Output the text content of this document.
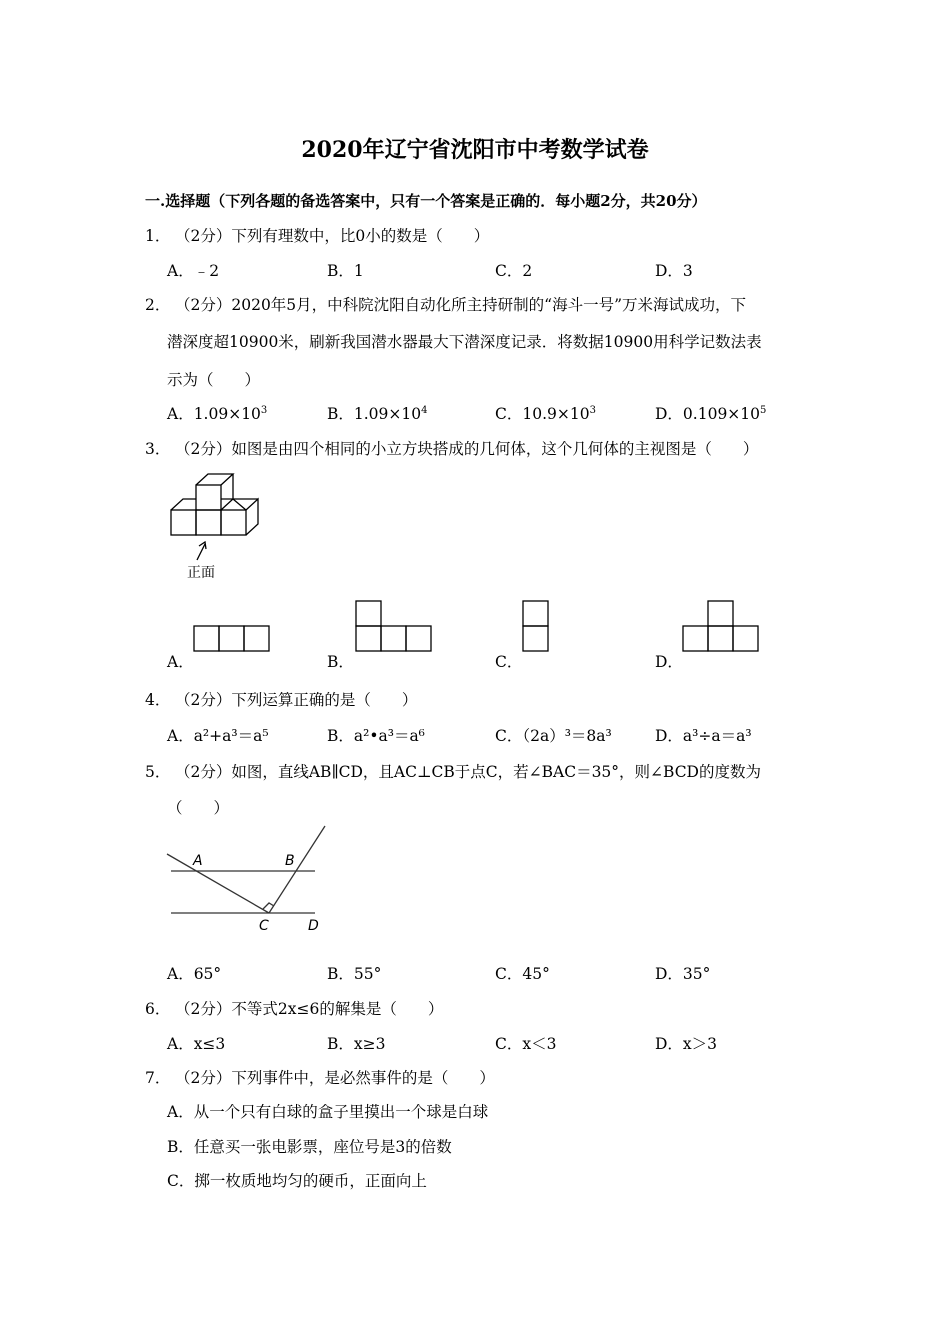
2020年辽宁省沈阳市中考数学试卷
一.选择题（下列各题的备选答案中，只有一个答案是正确的．每小题2分，共20分）
1． （2分）下列有理数中，比0小的数是（　　）
A．﹣2	B．1	C．2	D．3
2． （2分）2020年5月，中科院沈阳自动化所主持研制的“海斗一号”万米海试成功，下
潜深度超10900米，刷新我国潜水器最大下潜深度记录．将数据10900用科学记数法表
示为（　　）
A．$1.09\times 10^3$	B．$1.09\times 10^4$	C．$10.9\times 10^3$	D．$0.109\times 10^5$
3． （2分）如图是由四个相同的小立方块搭成的几何体，这个几何体的主视图是（　　）
正面
A．	B．	C．	D．
4． （2分）下列运算正确的是（　　）
A．a²+a³＝a⁵	B．a²•a³＝a⁶	C．（2a）³＝8a³	D．a³÷a＝a³
5． （2分）如图，直线AB∥CD，且AC⊥CB于点C，若∠BAC＝35°，则∠BCD的度数为
（　　）
A	B
C	D
A．65°	B．55°	C．45°	D．35°
6． （2分）不等式2x≤6的解集是（　　）
A．x≤3	B．x≥3	C．x＜3	D．x＞3
7． （2分）下列事件中，是必然事件的是（　　）
A．从一个只有白球的盒子里摸出一个球是白球
B．任意买一张电影票，座位号是3的倍数
C．掷一枚质地均匀的硬币，正面向上
